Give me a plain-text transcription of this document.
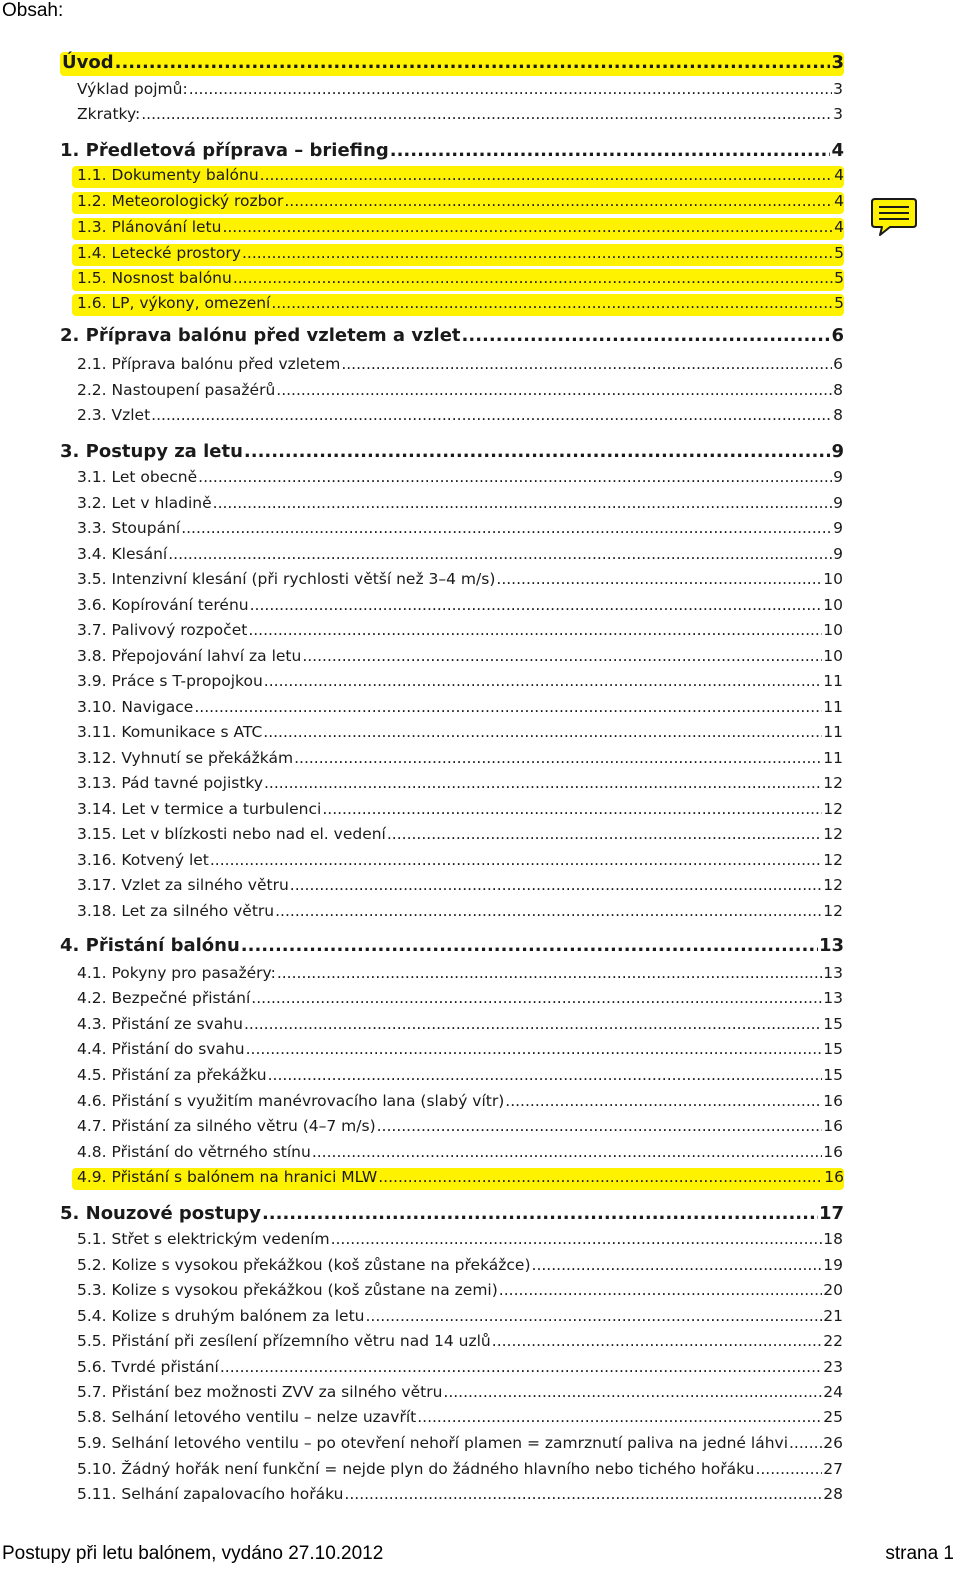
Obsah:
Úvod .....	3
Výklad pojmů: .....	3
Zkratky: .....	3
1. Předletová příprava – briefing .....	4
1.1. Dokumenty balónu .....	4
1.2. Meteorologický rozbor .....	4
1.3. Plánování letu .....	4
1.4. Letecké prostory .....	5
1.5. Nosnost balónu .....	5
1.6. LP, výkony, omezení .....	5
2. Příprava balónu před vzletem a vzlet .....	6
2.1. Příprava balónu před vzletem .....	6
2.2. Nastoupení pasažérů .....	8
2.3. Vzlet .....	8
3. Postupy za letu .....	9
3.1. Let obecně .....	9
3.2. Let v hladině .....	9
3.3. Stoupání .....	9
3.4. Klesání .....	9
3.5. Intenzivní klesání (při rychlosti větší než 3–4 m/s) .....	10
3.6. Kopírování terénu .....	10
3.7. Palivový rozpočet .....	10
3.8. Přepojování lahví za letu .....	10
3.9. Práce s T-propojkou .....	11
3.10. Navigace .....	11
3.11. Komunikace s ATC .....	11
3.12. Vyhnutí se překážkám .....	11
3.13. Pád tavné pojistky .....	12
3.14. Let v termice a turbulenci .....	12
3.15. Let v blízkosti nebo nad el. vedení .....	12
3.16. Kotvený let .....	12
3.17. Vzlet za silného větru .....	12
3.18. Let za silného větru .....	12
4. Přistání balónu .....	13
4.1. Pokyny pro pasažéry: .....	13
4.2. Bezpečné přistání .....	13
4.3. Přistání ze svahu .....	15
4.4. Přistání do svahu .....	15
4.5. Přistání za překážku .....	15
4.6. Přistání s využitím manévrovacího lana (slabý vítr) .....	16
4.7. Přistání za silného větru (4–7 m/s) .....	16
4.8. Přistání do větrného stínu .....	16
4.9. Přistání s balónem na hranici MLW .....	16
5. Nouzové postupy .....	17
5.1. Střet s elektrickým vedením .....	18
5.2. Kolize s vysokou překážkou (koš zůstane na překážce) .....	19
5.3. Kolize s vysokou překážkou (koš zůstane na zemi) .....	20
5.4. Kolize s druhým balónem za letu .....	21
5.5. Přistání při zesílení přízemního větru nad 14 uzlů .....	22
5.6. Tvrdé přistání .....	23
5.7. Přistání bez možnosti ZVV za silného větru .....	24
5.8. Selhání letového ventilu – nelze uzavřít .....	25
5.9. Selhání letového ventilu – po otevření nehoří plamen = zamrznutí paliva na jedné láhvi ..... 26
5.10. Žádný hořák není funkční = nejde plyn do žádného hlavního nebo tichého hořáku .....	27
5.11. Selhání zapalovacího hořáku .....	28
Postupy při letu balónem, vydáno 27.10.2012	strana 1
